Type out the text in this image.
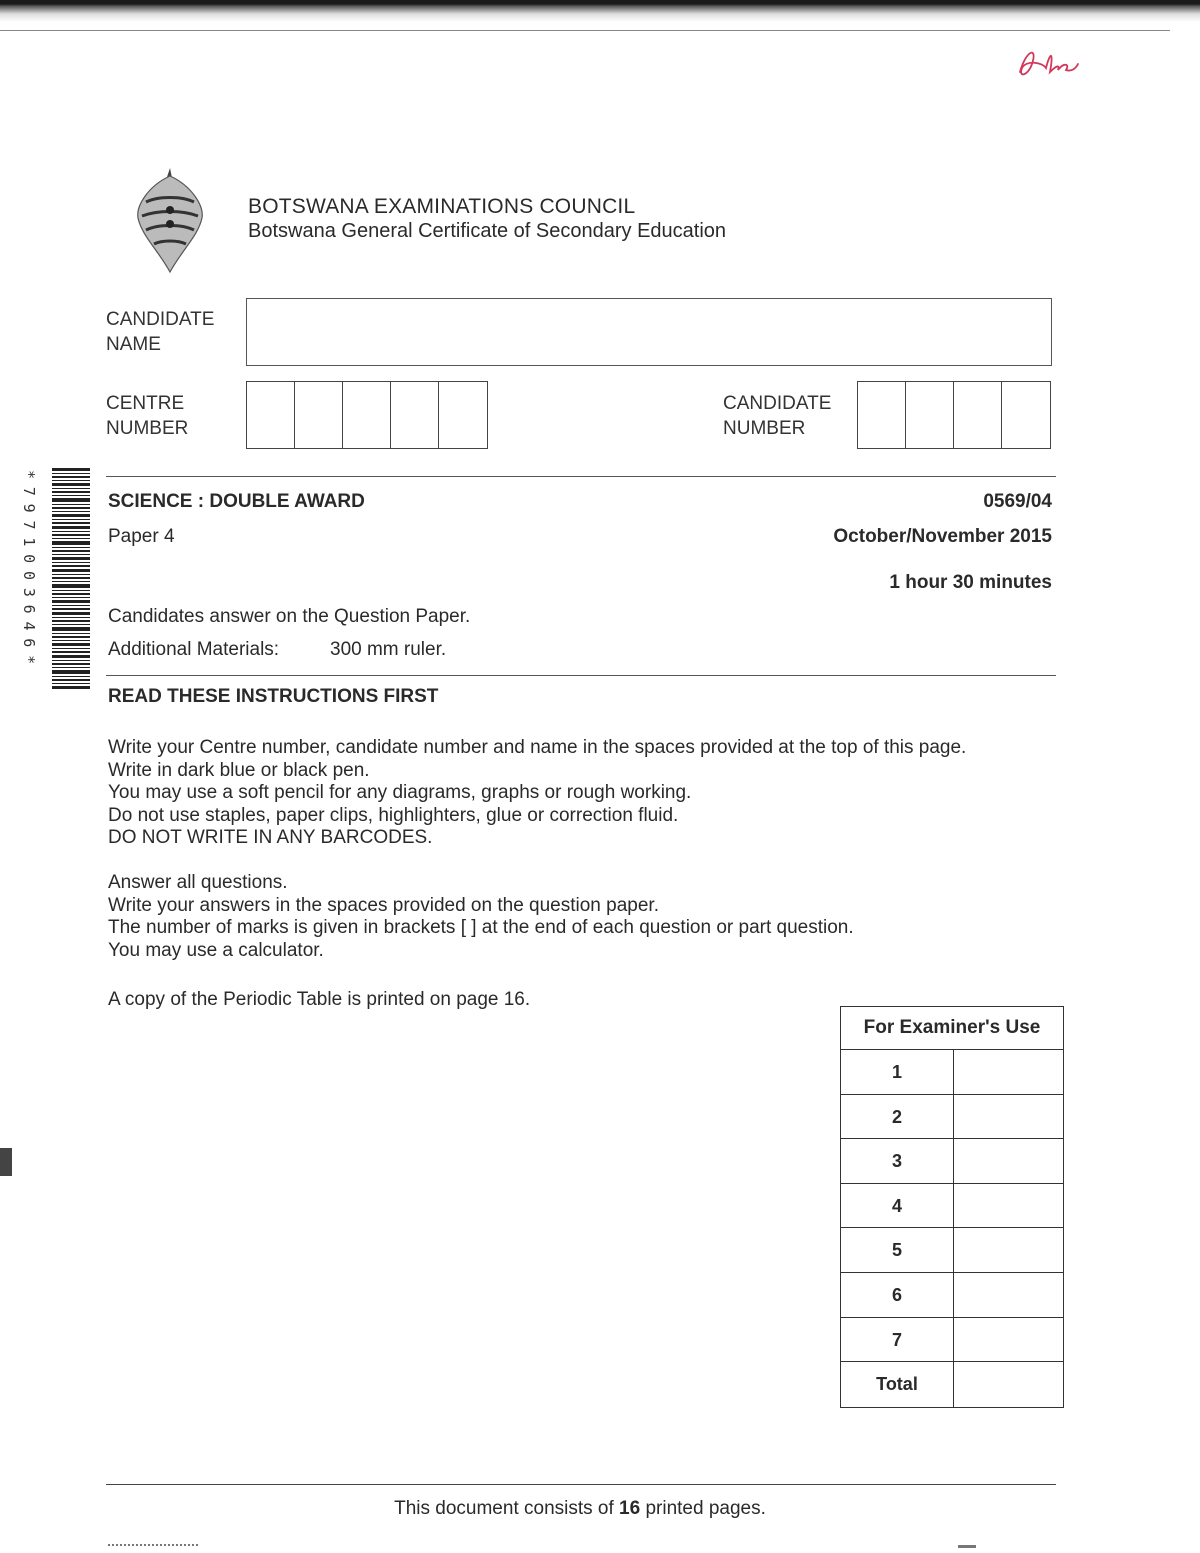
BOTSWANA EXAMINATIONS COUNCIL
Botswana General Certificate of Secondary Education
CANDIDATE
NAME
CENTRE
NUMBER
CANDIDATE
NUMBER
*7971003646*	SCIENCE : DOUBLE AWARD	0569/04
Paper 4	October/November 2015
1 hour 30 minutes
Candidates answer on the Question Paper.
Additional Materials:	300 mm ruler.
READ THESE INSTRUCTIONS FIRST
Write your Centre number, candidate number and name in the spaces provided at the top of this page.
Write in dark blue or black pen.
You may use a soft pencil for any diagrams, graphs or rough working.
Do not use staples, paper clips, highlighters, glue or correction fluid.
DO NOT WRITE IN ANY BARCODES.
Answer all questions.
Write your answers in the spaces provided on the question paper.
The number of marks is given in brackets [ ] at the end of each question or part question.
You may use a calculator.
A copy of the Periodic Table is printed on page 16.
For Examiner's Use
1
2
3
4
5
6
7
Total
This document consists of 16 printed pages.
